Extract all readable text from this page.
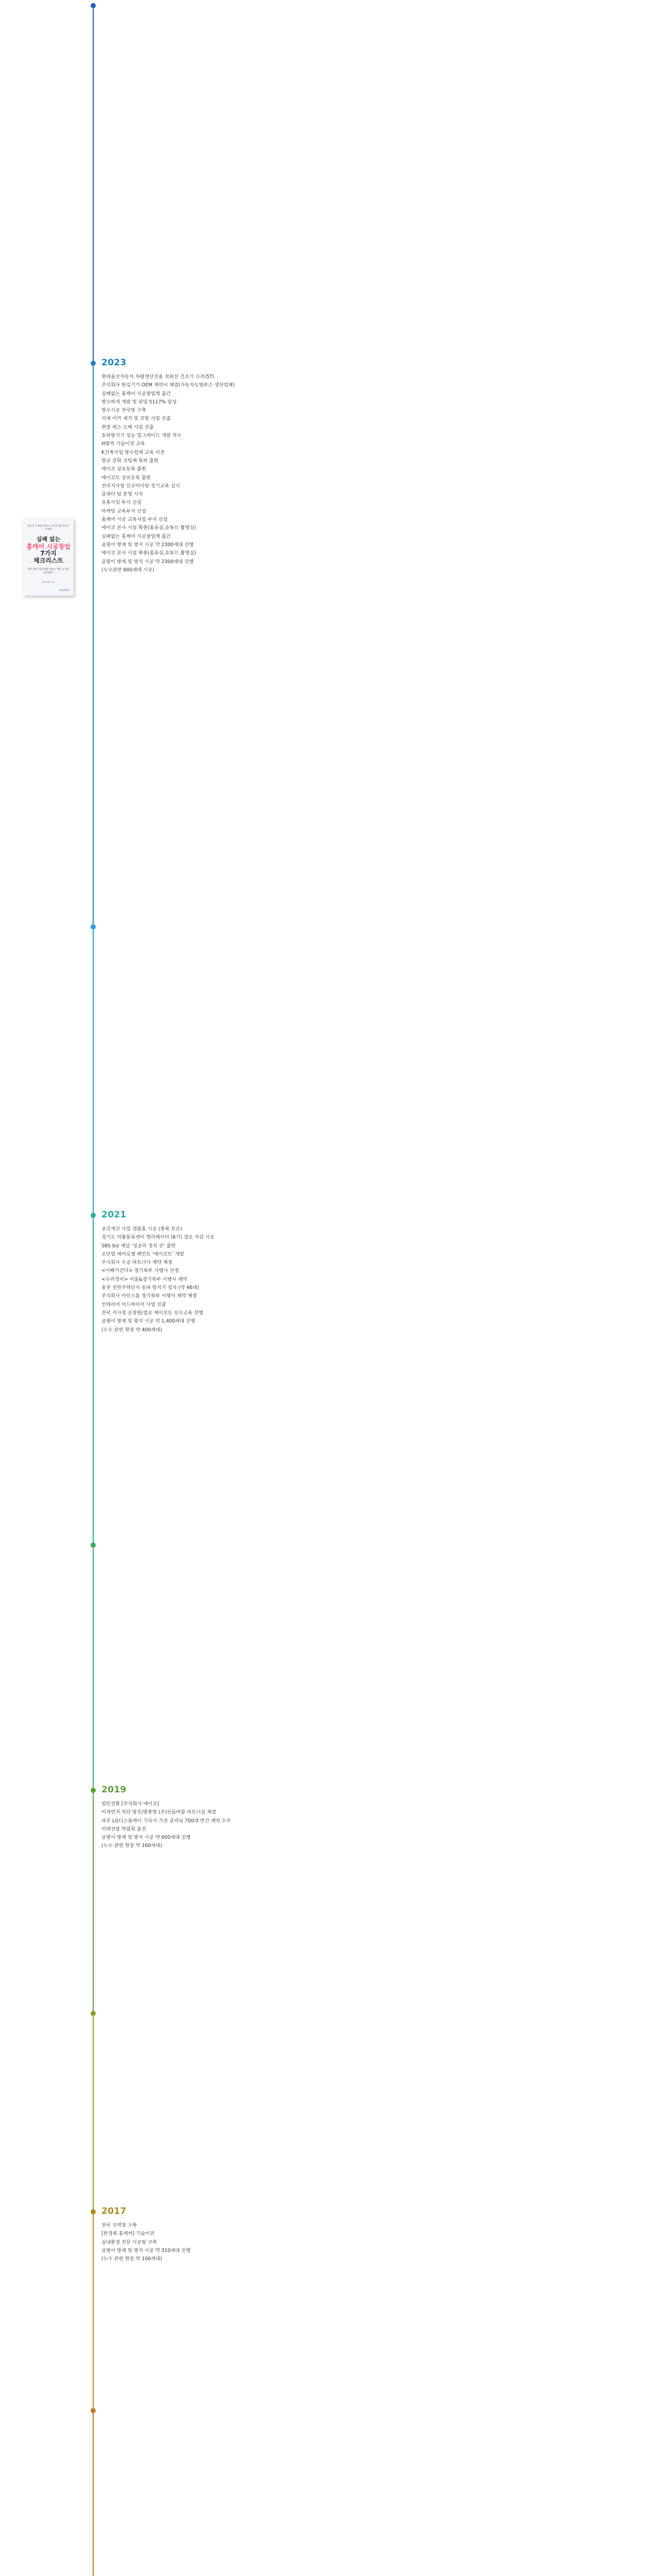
2023
현대울산자동차 차량생산진용 적외선 건조기 수주(5T)
주식회사 한길기기 OEM 계약서 체결(자동차도방부스 생산업체)
실패없는 홈케어 시공창업책 출간
방수하게 개발 및 펀딩 5117% 달성
방수시공 전국망 구축
석재 이끼 제거 및 코팅 사업 진출
현장 픽스 도배 사업 진출
동파방지기 성능 업그레이드 개발 착수
H방역 기술이전 교육
K건축사업 방수업체 교육 이전
항균 증화 코팅제 특허 출원
에이코 상표등록 출원
에이코트 상표등록 출원
전국지사장 신규미이팅 정기교육 실시
클센터 팀 운영 시작
유통사업 부서 신설
마케팅 교육부서 신설
홈케어 시공 교육사업 부서 신설
에이코 본사 시설 확충(홈류실,유튜브 촬영실)
실패없는 홈케어 시공창업책 출간
곰팡이 방제 및 방지 시공 약 2300세대 진행
에이코 본사 시설 확충(홈류실,유튜브 촬영실)
곰팡이 방제 및 방지 시공 약 2300세대 진행
(누수관련 600세대 시공)
2021
공간개선 사업 샘플홈 시공 (충북 보은)
경기도 의왕물류센터 엘리베이터 (6기) 결로 저감 시공
SBS biz 채널 '성공의 정석 꾼' 출연
조단열 에어로젤 페인트 '에이코트' 개발
주식회사 수공 파트너사 계약 체결
<이빠가간다> 경기북부 시행사 선정
<수리정이> 서울&경기북부 시행사 계약
홍천 전원주택단지 동파 방지기 설치 (약 46대)
주식회사 아인스홈 경기북부 시행사 계약 체결
인테리어 어드바이저 사업 진출
전국 지사장 공장원/결로 에이코트 보수교육 진행
곰팡이 방제 및 방지 시공 약 1,400세대 진행
(누수 관련 현장 약 400세대)
2019
법인전환 [주식회사 에이코]
미세먼지 차단 방진/방충망 (주)산들바람 파트너십 체결
파주 LG디스플레이 기숙사 가전 클리닝 700대 연간 계약 수주
미래전람 박람회 출진
곰팡이 방제 및 방지 시공 약 600세대 진행
(누수 관련 현장 약 160세대)
2017
전국 지역망 구축
[한경희 홈케어] 기술이전
실내환경 전문 시공팀 구축
곰팡이 방제 및 방지 시공 약 310세대 진행
(누수 관련 현장 약 100세대)
업체 명 게 매출 향상되기, 당신의 매체 업체 문제 방법
실패 없는
홈케어 시공창업
7가지
체크리스트
"내가 벌고 있던 방문 청소는 결국 남 좋은 일이었다"
홈케어창업 지음
Goodtime
